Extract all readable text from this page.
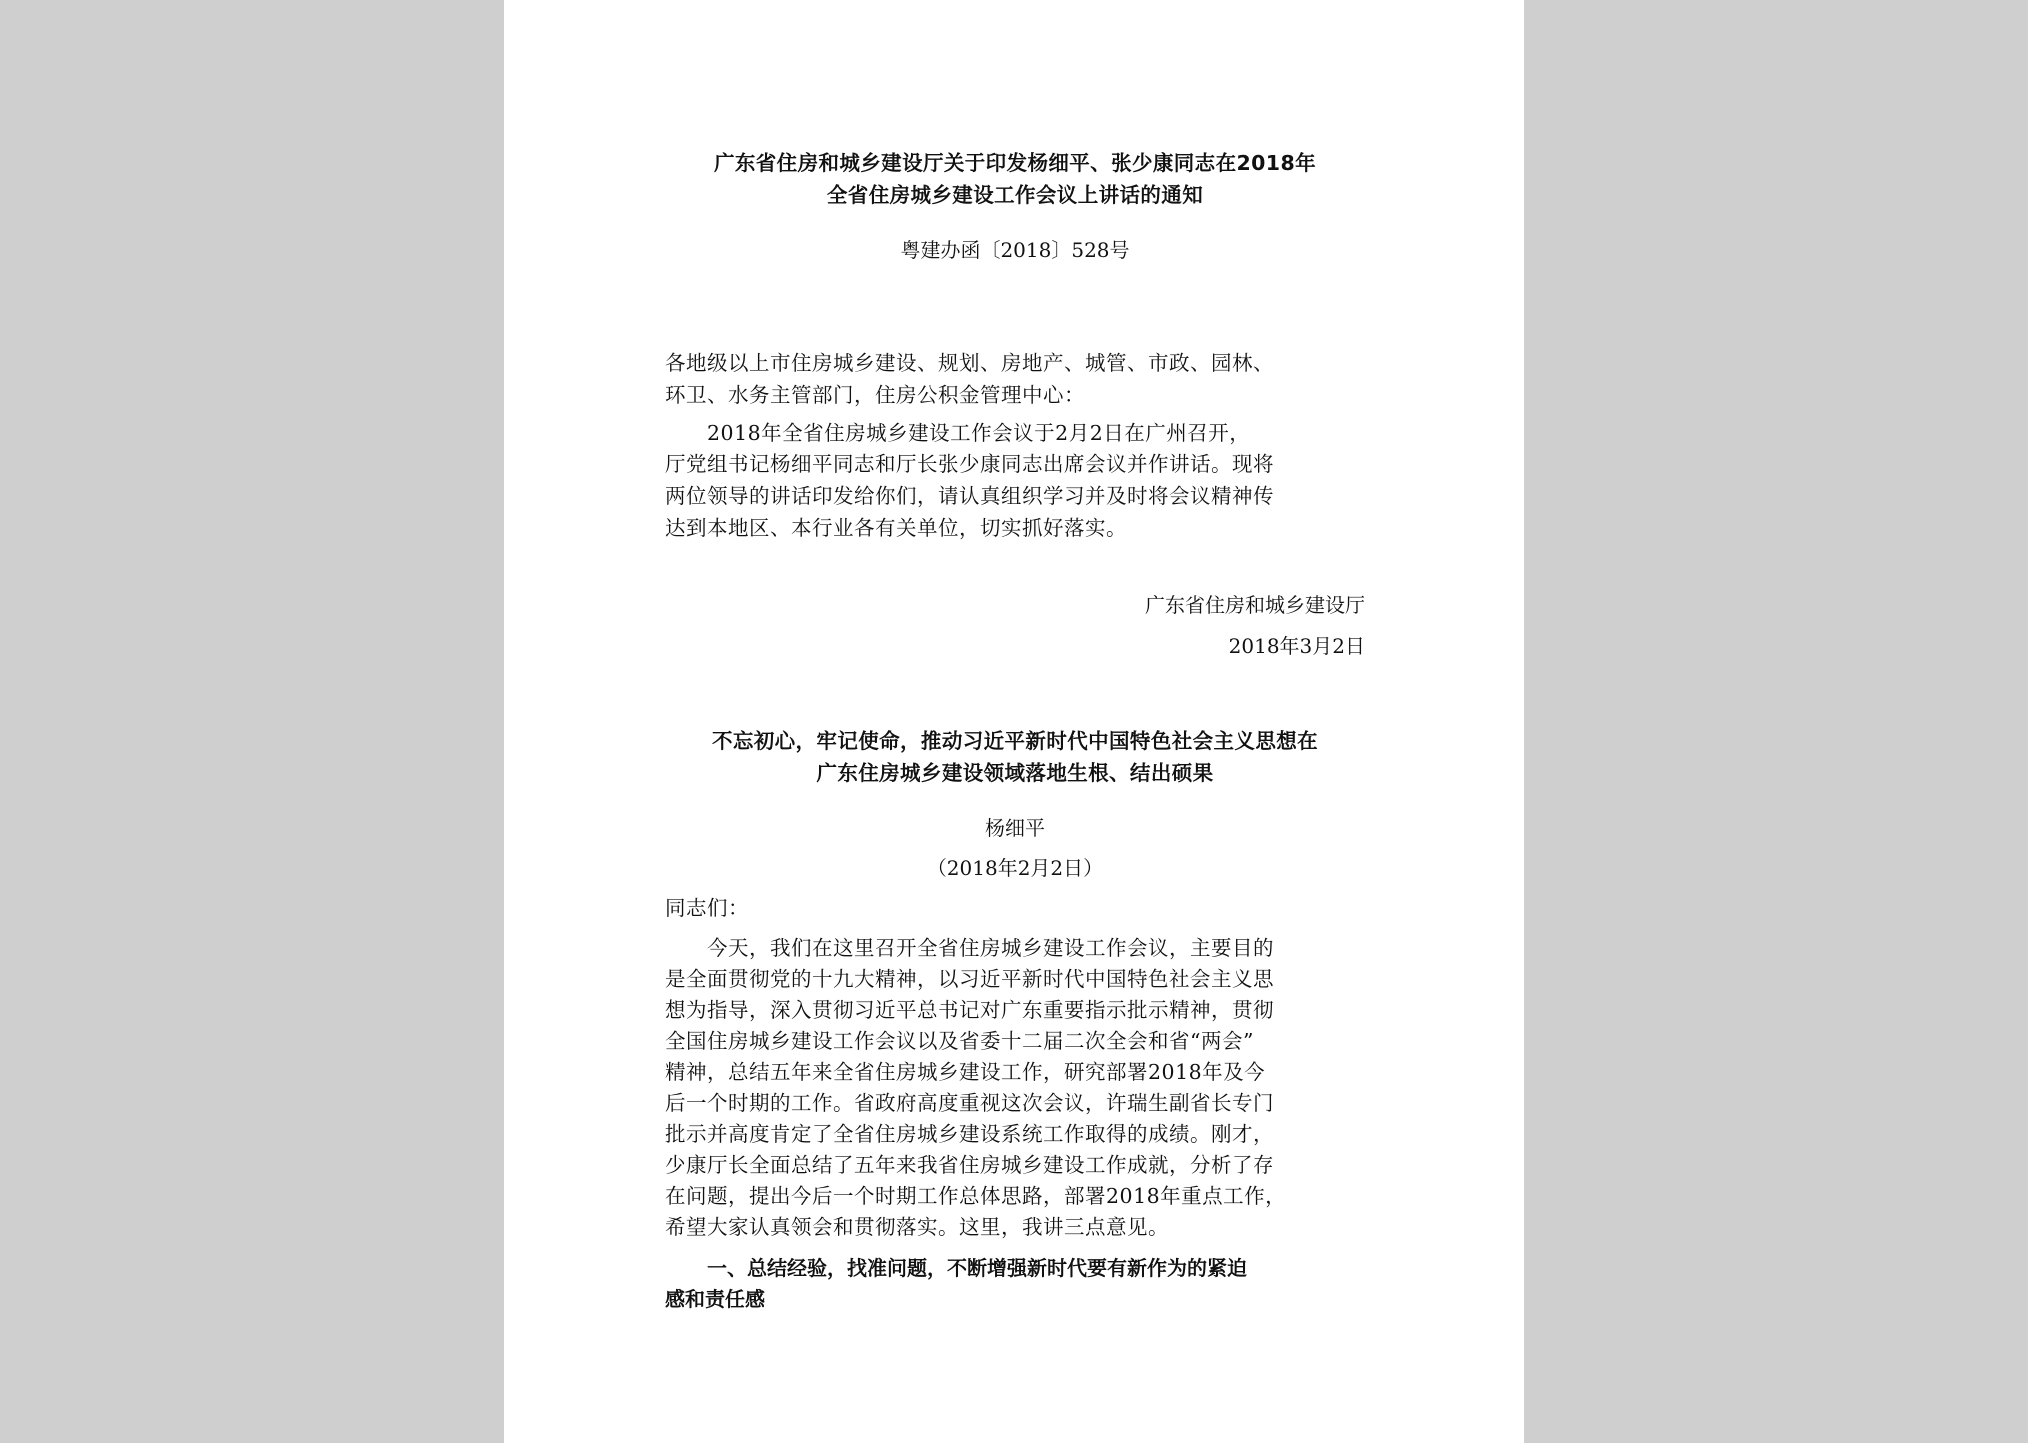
广东省住房和城乡建设厅关于印发杨细平、张少康同志在2018年
全省住房城乡建设工作会议上讲话的通知
粤建办函〔2018〕528号
各地级以上市住房城乡建设、规划、房地产、城管、市政、园林、
环卫、水务主管部门，住房公积金管理中心：
2018年全省住房城乡建设工作会议于2月2日在广州召开，
厅党组书记杨细平同志和厅长张少康同志出席会议并作讲话。现将
两位领导的讲话印发给你们，请认真组织学习并及时将会议精神传
达到本地区、本行业各有关单位，切实抓好落实。
广东省住房和城乡建设厅
2018年3月2日
不忘初心，牢记使命，推动习近平新时代中国特色社会主义思想在
广东住房城乡建设领域落地生根、结出硕果
杨细平
（2018年2月2日）
同志们：
今天，我们在这里召开全省住房城乡建设工作会议，主要目的
是全面贯彻党的十九大精神，以习近平新时代中国特色社会主义思
想为指导，深入贯彻习近平总书记对广东重要指示批示精神，贯彻
全国住房城乡建设工作会议以及省委十二届二次全会和省“两会”
精神，总结五年来全省住房城乡建设工作，研究部署2018年及今
后一个时期的工作。省政府高度重视这次会议，许瑞生副省长专门
批示并高度肯定了全省住房城乡建设系统工作取得的成绩。刚才，
少康厅长全面总结了五年来我省住房城乡建设工作成就，分析了存
在问题，提出今后一个时期工作总体思路，部署2018年重点工作，
希望大家认真领会和贯彻落实。这里，我讲三点意见。
一、总结经验，找准问题，不断增强新时代要有新作为的紧迫
感和责任感
